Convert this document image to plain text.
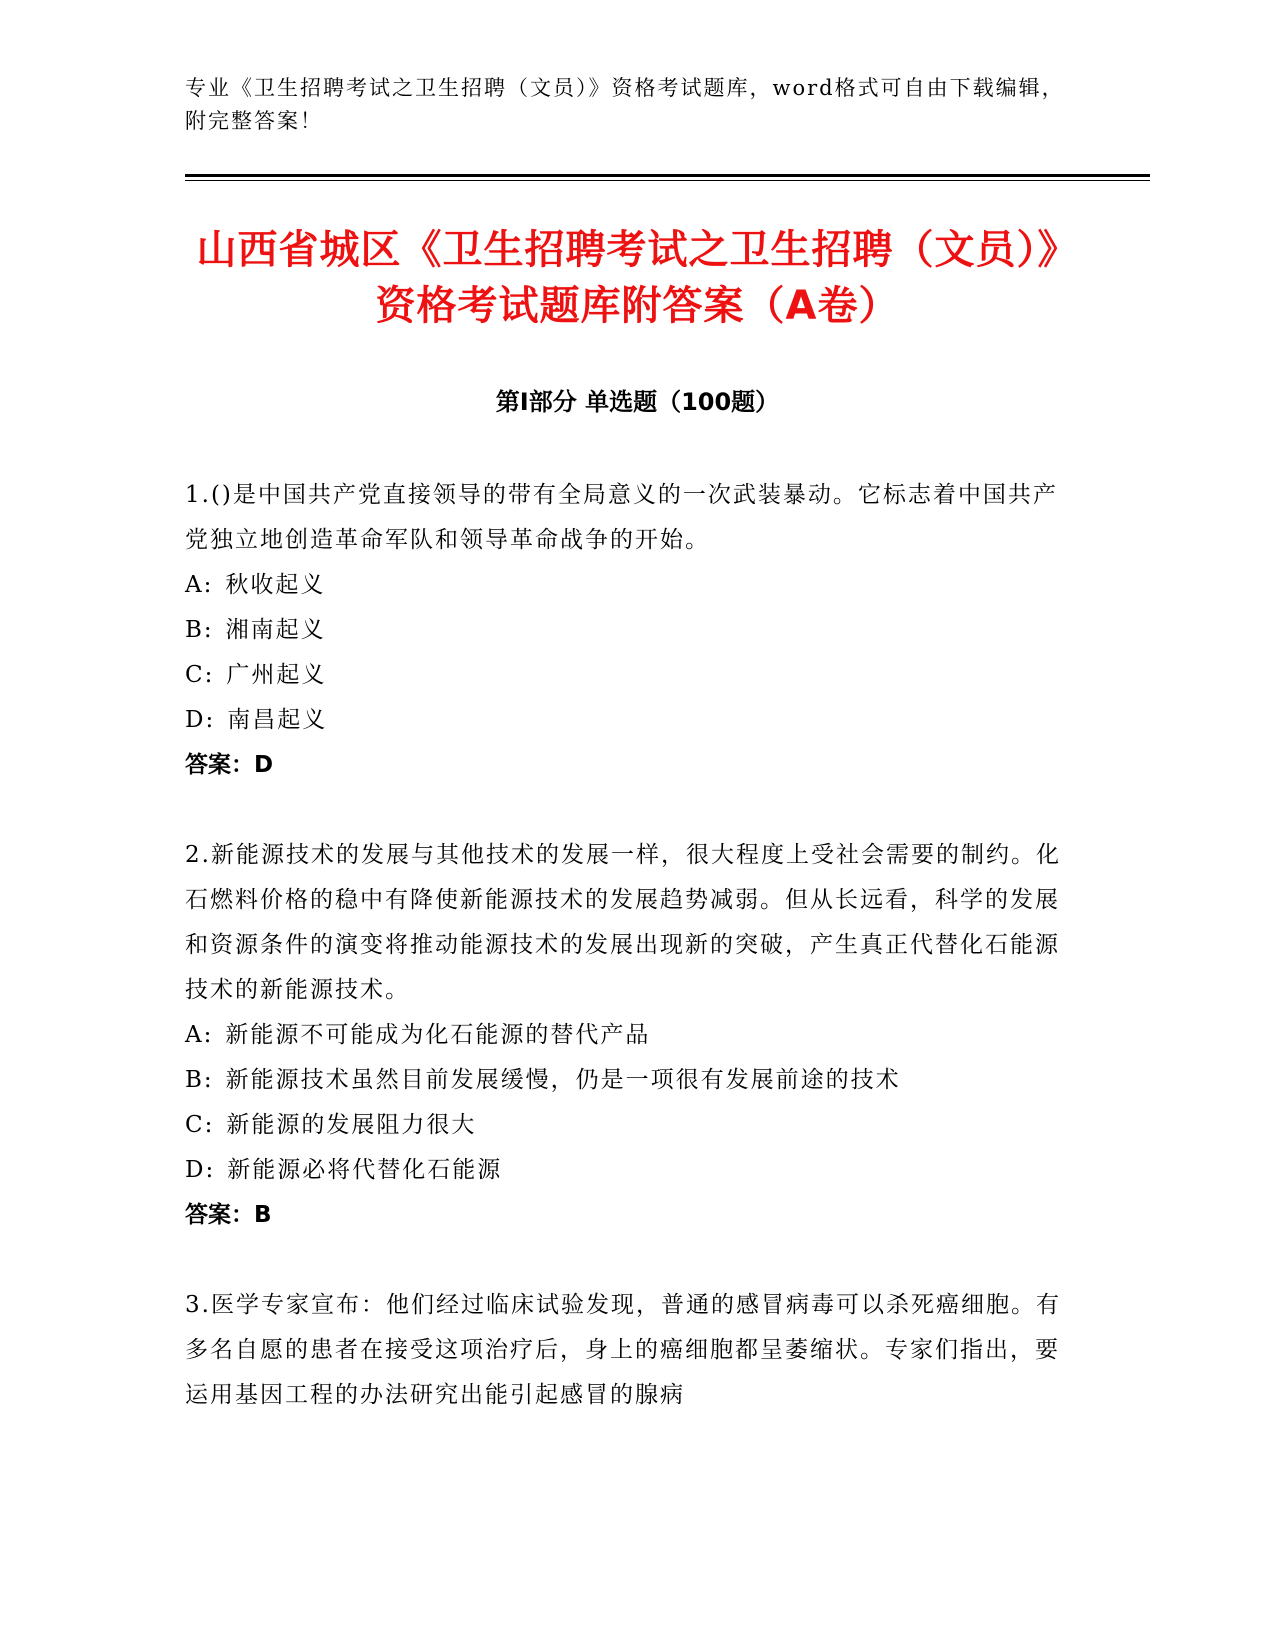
专业《卫生招聘考试之卫生招聘（文员）》资格考试题库，word格式可自由下载编辑，附完整答案！

山西省城区《卫生招聘考试之卫生招聘（文员）》资格考试题库附答案（A卷）
第Ⅰ部分 单选题（100题）

1.()是中国共产党直接领导的带有全局意义的一次武装暴动。它标志着中国共产党独立地创造革命军队和领导革命战争的开始。

A: 秋收起义

B: 湘南起义

C: 广州起义

D: 南昌起义

答案：D

2.新能源技术的发展与其他技术的发展一样，很大程度上受社会需要的制约。化石燃料价格的稳中有降使新能源技术的发展趋势减弱。但从长远看，科学的发展和资源条件的演变将推动能源技术的发展出现新的突破，产生真正代替化石能源技术的新能源技术。

A: 新能源不可能成为化石能源的替代产品

B: 新能源技术虽然目前发展缓慢，仍是一项很有发展前途的技术

C: 新能源的发展阻力很大

D: 新能源必将代替化石能源

答案：B

3.医学专家宣布：他们经过临床试验发现，普通的感冒病毒可以杀死癌细胞。有多名自愿的患者在接受这项治疗后，身上的癌细胞都呈萎缩状。专家们指出，要运用基因工程的办法研究出能引起感冒的腺病
